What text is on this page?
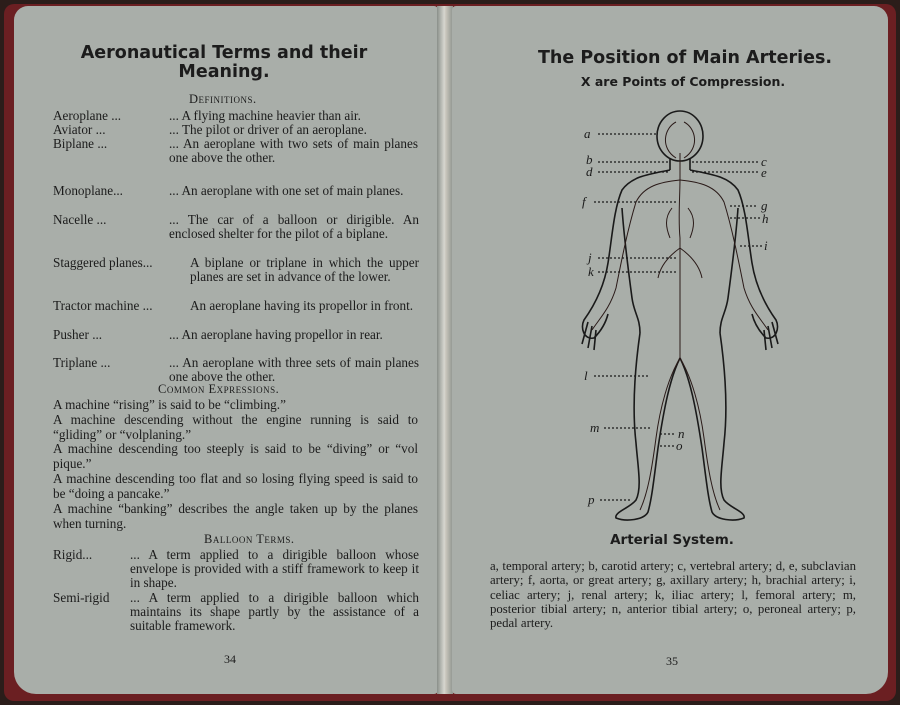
Aeronautical Terms and their Meaning.
Definitions.
Aeroplane ...	... A flying machine heavier than air.
Aviator ...	... The pilot or driver of an aeroplane.
Biplane ...	... An aeroplane with two sets of main planes one above the other.
Monoplane...	... An aeroplane with one set of main planes.
Nacelle ...	... The car of a balloon or dirigible. An enclosed shelter for the pilot of a biplane.
Staggered planes...	A biplane or triplane in which the upper planes are set in advance of the lower.
Tractor machine ...	An aeroplane having its propellor in front.
Pusher ...	... An aeroplane having propellor in rear.
Triplane ...	... An aeroplane with three sets of main planes one above the other.
Common Expressions.
A machine “rising” is said to be “climbing.”
A machine descending without the engine running is said to “gliding” or “volplaning.”
A machine descending too steeply is said to be “diving” or “vol pique.”
A machine descending too flat and so losing flying speed is said to be “doing a pancake.”
A machine “banking” describes the angle taken up by the planes when turning.
Balloon Terms.
Rigid...	... A term applied to a dirigible balloon whose envelope is provided with a stiff framework to keep it in shape.
Semi-rigid ... A term applied to a dirigible balloon which maintains its shape partly by the assistance of a suitable framework.
34
The Position of Main Arteries.
X are Points of Compression.
a
b
d
c
e
f	g
h
i
j
k
l
m	n
o
p
Arterial System.
a, temporal artery; b, carotid artery; c, vertebral artery; d, e, subclavian artery; f, aorta, or great artery; g, axillary artery; h, brachial artery; i, celiac artery; j, renal artery; k, iliac artery; l, femoral artery; m, posterior tibial artery; n, anterior tibial artery; o, peroneal artery; p, pedal artery.
35
